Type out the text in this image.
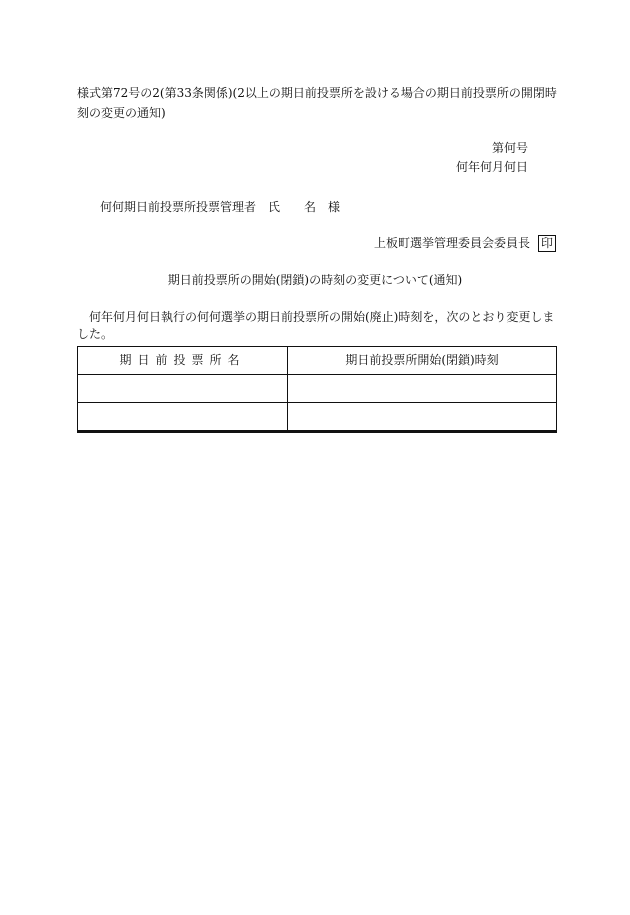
様式第72号の2(第33条関係)(2以上の期日前投票所を設ける場合の期日前投票所の開閉時
刻の変更の通知)
第何号
何年何月何日
何何期日前投票所投票管理者　氏　　名　様
上板町選挙管理委員会委員長 印
期日前投票所の開始(閉鎖)の時刻の変更について(通知)
何年何月何日執行の何何選挙の期日前投票所の開始(廃止)時刻を，次のとおり変更しました。
期日前投票所名	期日前投票所開始(閉鎖)時刻
